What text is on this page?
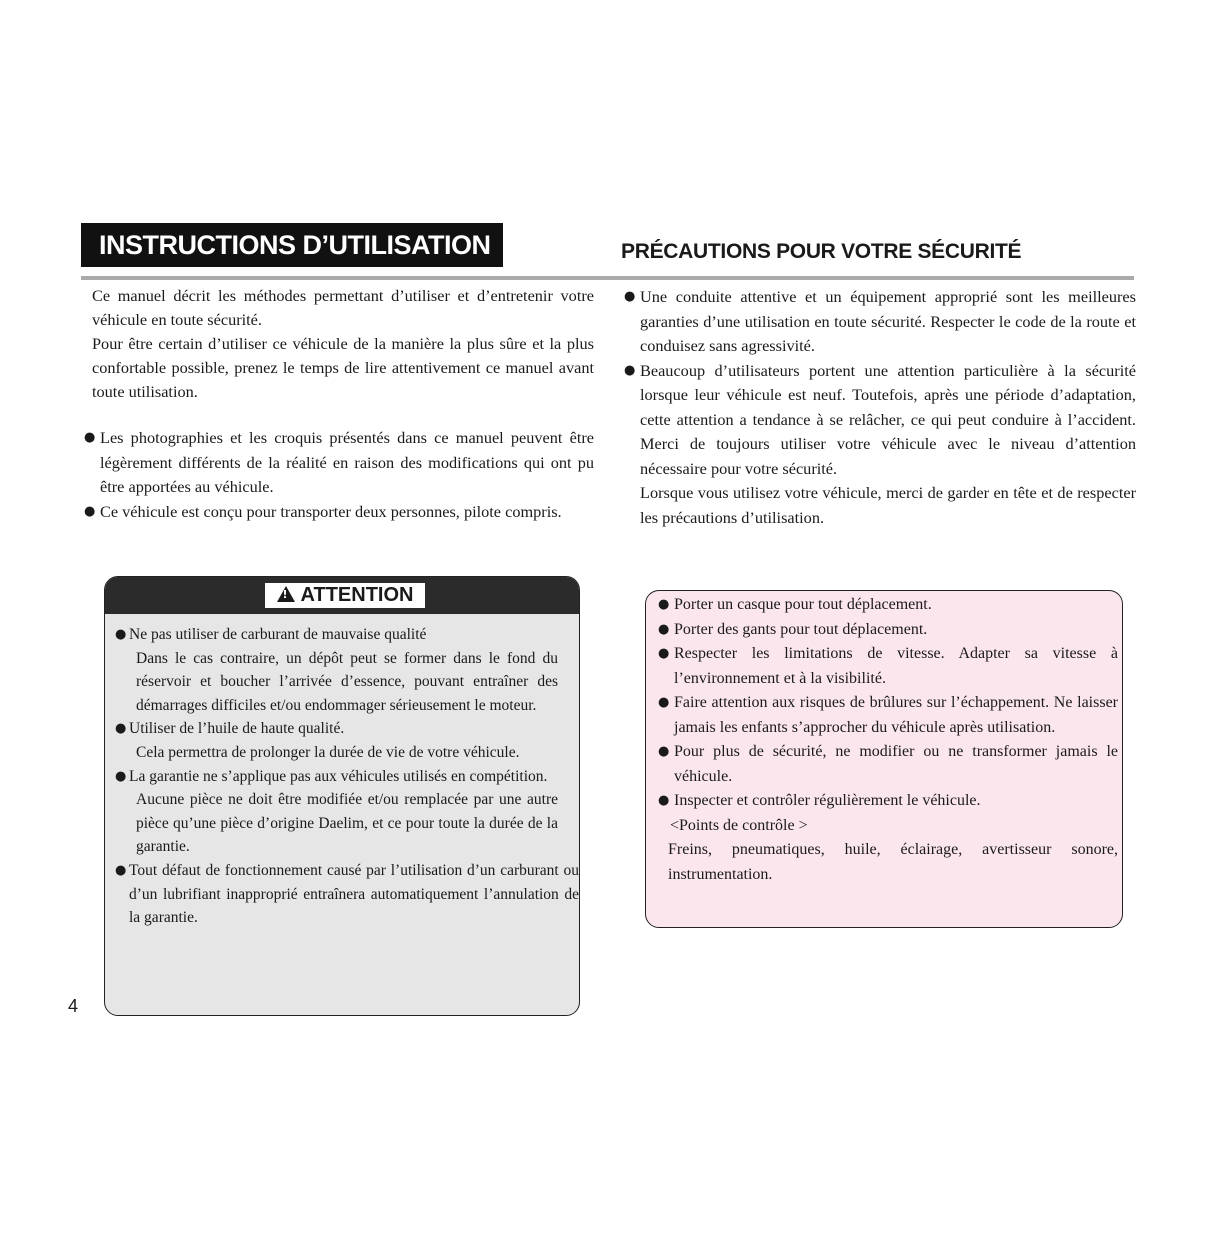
INSTRUCTIONS D’UTILISATION	PRÉCAUTIONS POUR VOTRE SÉCURITÉ

Ce manuel décrit les méthodes permettant d’utiliser et d’entretenir votre véhicule en toute sécurité.

Pour être certain d’utiliser ce véhicule de la manière la plus sûre et la plus confortable possible, prenez le temps de lire attentivement ce manuel avant toute utilisation.

● Les photographies et les croquis présentés dans ce manuel peuvent être légèrement différents de la réalité en raison des modifications qui ont pu être apportées au véhicule.

● Ce véhicule est conçu pour transporter deux personnes, pilote compris.

● Une conduite attentive et un équipement approprié sont les meilleures garanties d’une utilisation en toute sécurité. Respecter le code de la route et conduisez sans agressivité.

● Beaucoup d’utilisateurs portent une attention particulière à la sécurité lorsque leur véhicule est neuf. Toutefois, après une période d’adaptation, cette attention a tendance à se relâcher, ce qui peut conduire à l’accident. Merci de toujours utiliser votre véhicule avec le niveau d’attention nécessaire pour votre sécurité.

Lorsque vous utilisez votre véhicule, merci de garder en tête et de respecter les précautions d’utilisation.

!ATTENTION

● Ne pas utiliser de carburant de mauvaise qualité

Dans le cas contraire, un dépôt peut se former dans le fond du réservoir et boucher l’arrivée d’essence, pouvant entraîner des démarrages difficiles et/ou endommager sérieusement le moteur.

● Utiliser de l’huile de haute qualité.

Cela permettra de prolonger la durée de vie de votre véhicule.

● La garantie ne s’applique pas aux véhicules utilisés en compétition.

Aucune pièce ne doit être modifiée et/ou remplacée par une autre pièce qu’une pièce d’origine Daelim, et ce pour toute la durée de la garantie.

● Tout défaut de fonctionnement causé par l’utilisation d’un carburant ou d’un lubrifiant inapproprié entraînera automatiquement l’annulation de la garantie.

● Porter un casque pour tout déplacement.

● Porter des gants pour tout déplacement.

● Respecter les limitations de vitesse. Adapter sa vitesse à l’environnement et à la visibilité.

● Faire attention aux risques de brûlures sur l’échappement. Ne laisser jamais les enfants s’approcher du véhicule après utilisation.

● Pour plus de sécurité, ne modifier ou ne transformer jamais le véhicule.

● Inspecter et contrôler régulièrement le véhicule.

<Points de contrôle >

Freins, pneumatiques, huile, éclairage, avertisseur sonore, instrumentation.

4
